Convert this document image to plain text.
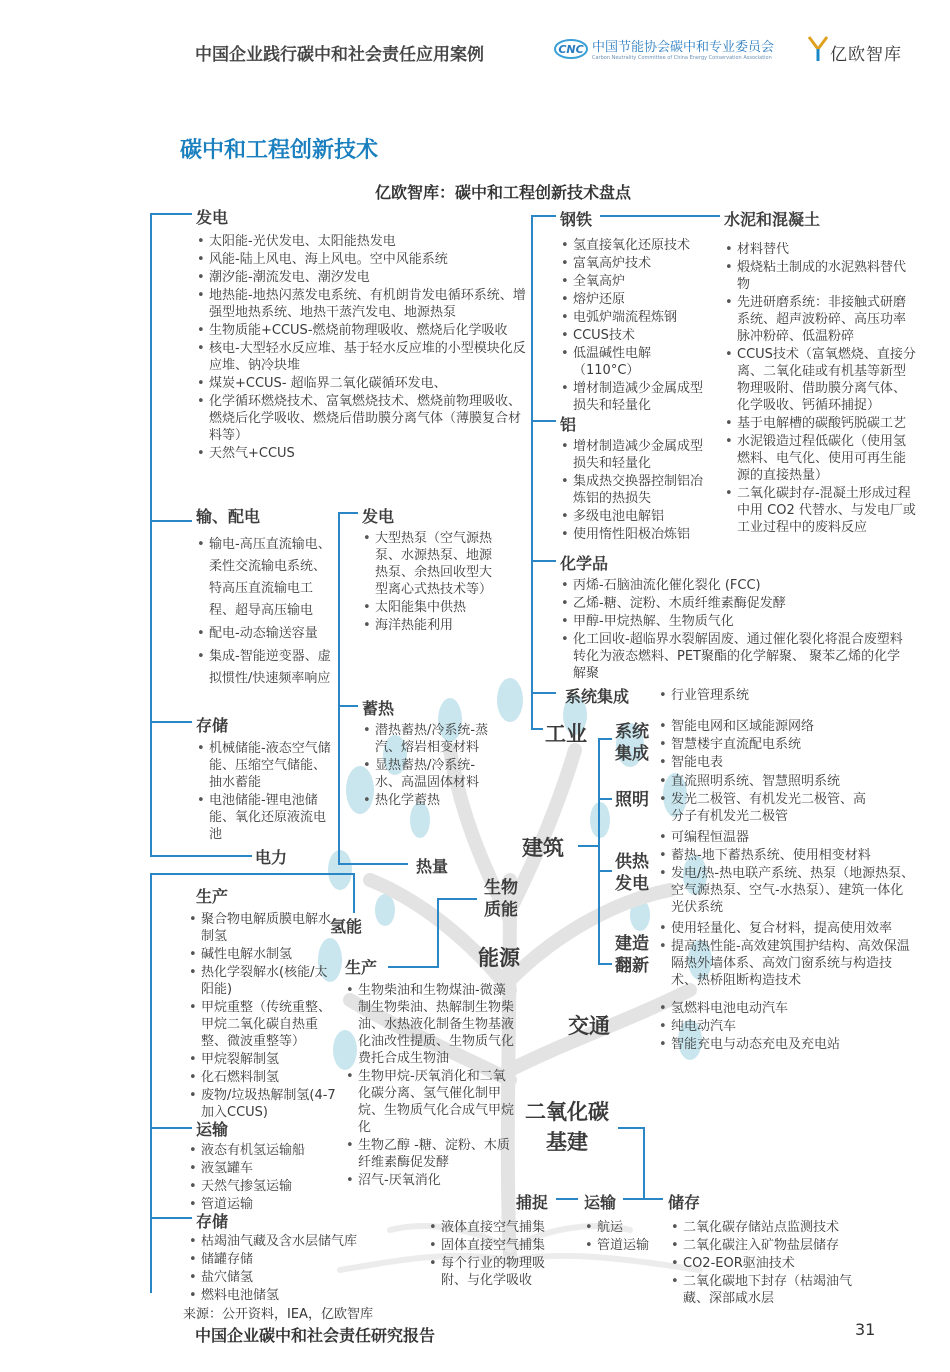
中国企业践行碳中和社会责任应用案例	CNC 中国节能协会碳中和专业委员会
Carbon Neutrality Committee of China Energy Conservation Association	亿欧智库
碳中和工程创新技术
亿欧智库：碳中和工程创新技术盘点
发电
• 太阳能-光伏发电、太阳能热发电
• 风能-陆上风电、海上风电。空中风能系统
• 潮汐能-潮流发电、潮汐发电
• 地热能-地热闪蒸发电系统、有机朗肯发电循环系统、增强型地热系统、地热干蒸汽发电、地源热泵
• 生物质能+CCUS-燃烧前物理吸收、燃烧后化学吸收
• 核电-大型轻水反应堆、基于轻水反应堆的小型模块化反应堆、钠冷块堆
• 煤炭+CCUS- 超临界二氧化碳循环发电、
• 化学循环燃烧技术、富氧燃烧技术、燃烧前物理吸收、燃烧后化学吸收、燃烧后借助膜分离气体（薄膜复合材料等）
• 天然气+CCUS
输、配电
• 输电-高压直流输电、柔性交流输电系统、特高压直流输电工程、超导高压输电
• 配电-动态输送容量
• 集成-智能逆变器、虚拟惯性/快速频率响应
存储
• 机械储能-液态空气储能、压缩空气储能、抽水蓄能
• 电池储能-锂电池储能、氧化还原液流电池
电力
发电
• 大型热泵（空气源热泵、水源热泵、地源热泵、余热回收型大型离心式热技术等）
• 太阳能集中供热
• 海洋热能利用
蓄热
• 潜热蓄热/冷系统-蒸汽、熔岩相变材料
• 显热蓄热/冷系统-水、高温固体材料
• 热化学蓄热
热量
生产
• 聚合物电解质膜电解水制氢
• 碱性电解水制氢
• 热化学裂解水(核能/太阳能)
• 甲烷重整（传统重整、甲烷二氧化碳自热重整、微波重整等）
• 甲烷裂解制氢
• 化石燃料制氢
• 废物/垃圾热解制氢(4-7加入CCUS)
氢能
运输
• 液态有机氢运输船
• 液氢罐车
• 天然气掺氢运输
• 管道运输
存储
• 枯竭油气藏及含水层储气库
• 储罐存储
• 盐穴储氢
• 燃料电池储氢
生物质能
生产
• 生物柴油和生物煤油-微藻制生物柴油、热解制生物柴油、水热液化制备生物基液化油改性提质、生物质气化费托合成生物油
• 生物甲烷-厌氧消化和二氧化碳分离、氢气催化制甲烷、生物质气化合成气甲烷化
• 生物乙醇 -糖、淀粉、木质纤维素酶促发酵
• 沼气-厌氧消化
能源
钢铁
• 氢直接氧化还原技术
• 富氧高炉技术
• 全氧高炉
• 熔炉还原
• 电弧炉端流程炼钢
• CCUS技术
• 低温碱性电解（110°C）
• 增材制造减少金属成型损失和轻量化
铝
• 增材制造减少金属成型损失和轻量化
• 集成热交换器控制铝冶炼铝的热损失
• 多级电池电解铝
• 使用惰性阳极冶炼铝
化学品
• 丙烯-石脑油流化催化裂化 (FCC)
• 乙烯-糖、淀粉、木质纤维素酶促发酵
• 甲醇-甲烷热解、生物质气化
• 化工回收-超临界水裂解固废、通过催化裂化将混合废塑料转化为液态燃料、PET聚酯的化学解聚、 聚苯乙烯的化学解聚
系统集成
•	行业管理系统
工业
水泥和混凝土
• 材料替代
• 煅烧粘土制成的水泥熟料替代物
• 先进研磨系统：非接触式研磨系统、超声波粉碎、高压功率脉冲粉碎、低温粉碎
• CCUS技术（富氧燃烧、直接分离、二氧化硅或有机基等新型物理吸附、借助膜分离气体、化学吸收、钙循环捕捉）
• 基于电解槽的碳酸钙脱碳工艺
• 水泥锻造过程低碳化（使用氢燃料、电气化、使用可再生能源的直接热量）
• 二氧化碳封存-混凝土形成过程中用 CO2 代替水、与发电厂或工业过程中的废料反应
建筑
系统集成
• 智能电网和区域能源网络
• 智慧楼宇直流配电系统
• 智能电表
照明
• 直流照明系统、智慧照明系统
• 发光二极管、有机发光二极管、高分子有机发光二极管
供热发电
• 可编程恒温器
• 蓄热-地下蓄热系统、使用相变材料
• 发电/热-热电联产系统、热泵（地源热泵、空气源热泵、空气-水热泵）、建筑一体化光伏系统
建造翻新
• 使用轻量化、复合材料，提高使用效率
• 提高热性能-高效建筑围护结构、高效保温隔热外墙体系、高效门窗系统与构造技术、热桥阻断构造技术
交通
• 氢燃料电池电动汽车
• 纯电动汽车
• 智能充电与动态充电及充电站
二氧化碳基建
捕捉
• 液体直接空气捕集
• 固体直接空气捕集
• 每个行业的物理吸附、与化学吸收
运输
• 航运
• 管道运输
储存
• 二氧化碳存储站点监测技术
• 二氧化碳注入矿物盐层储存
• CO2-EOR驱油技术
• 二氧化碳地下封存（枯竭油气藏、深部咸水层
来源：公开资料，IEA，亿欧智库
中国企业碳中和社会责任研究报告	31
